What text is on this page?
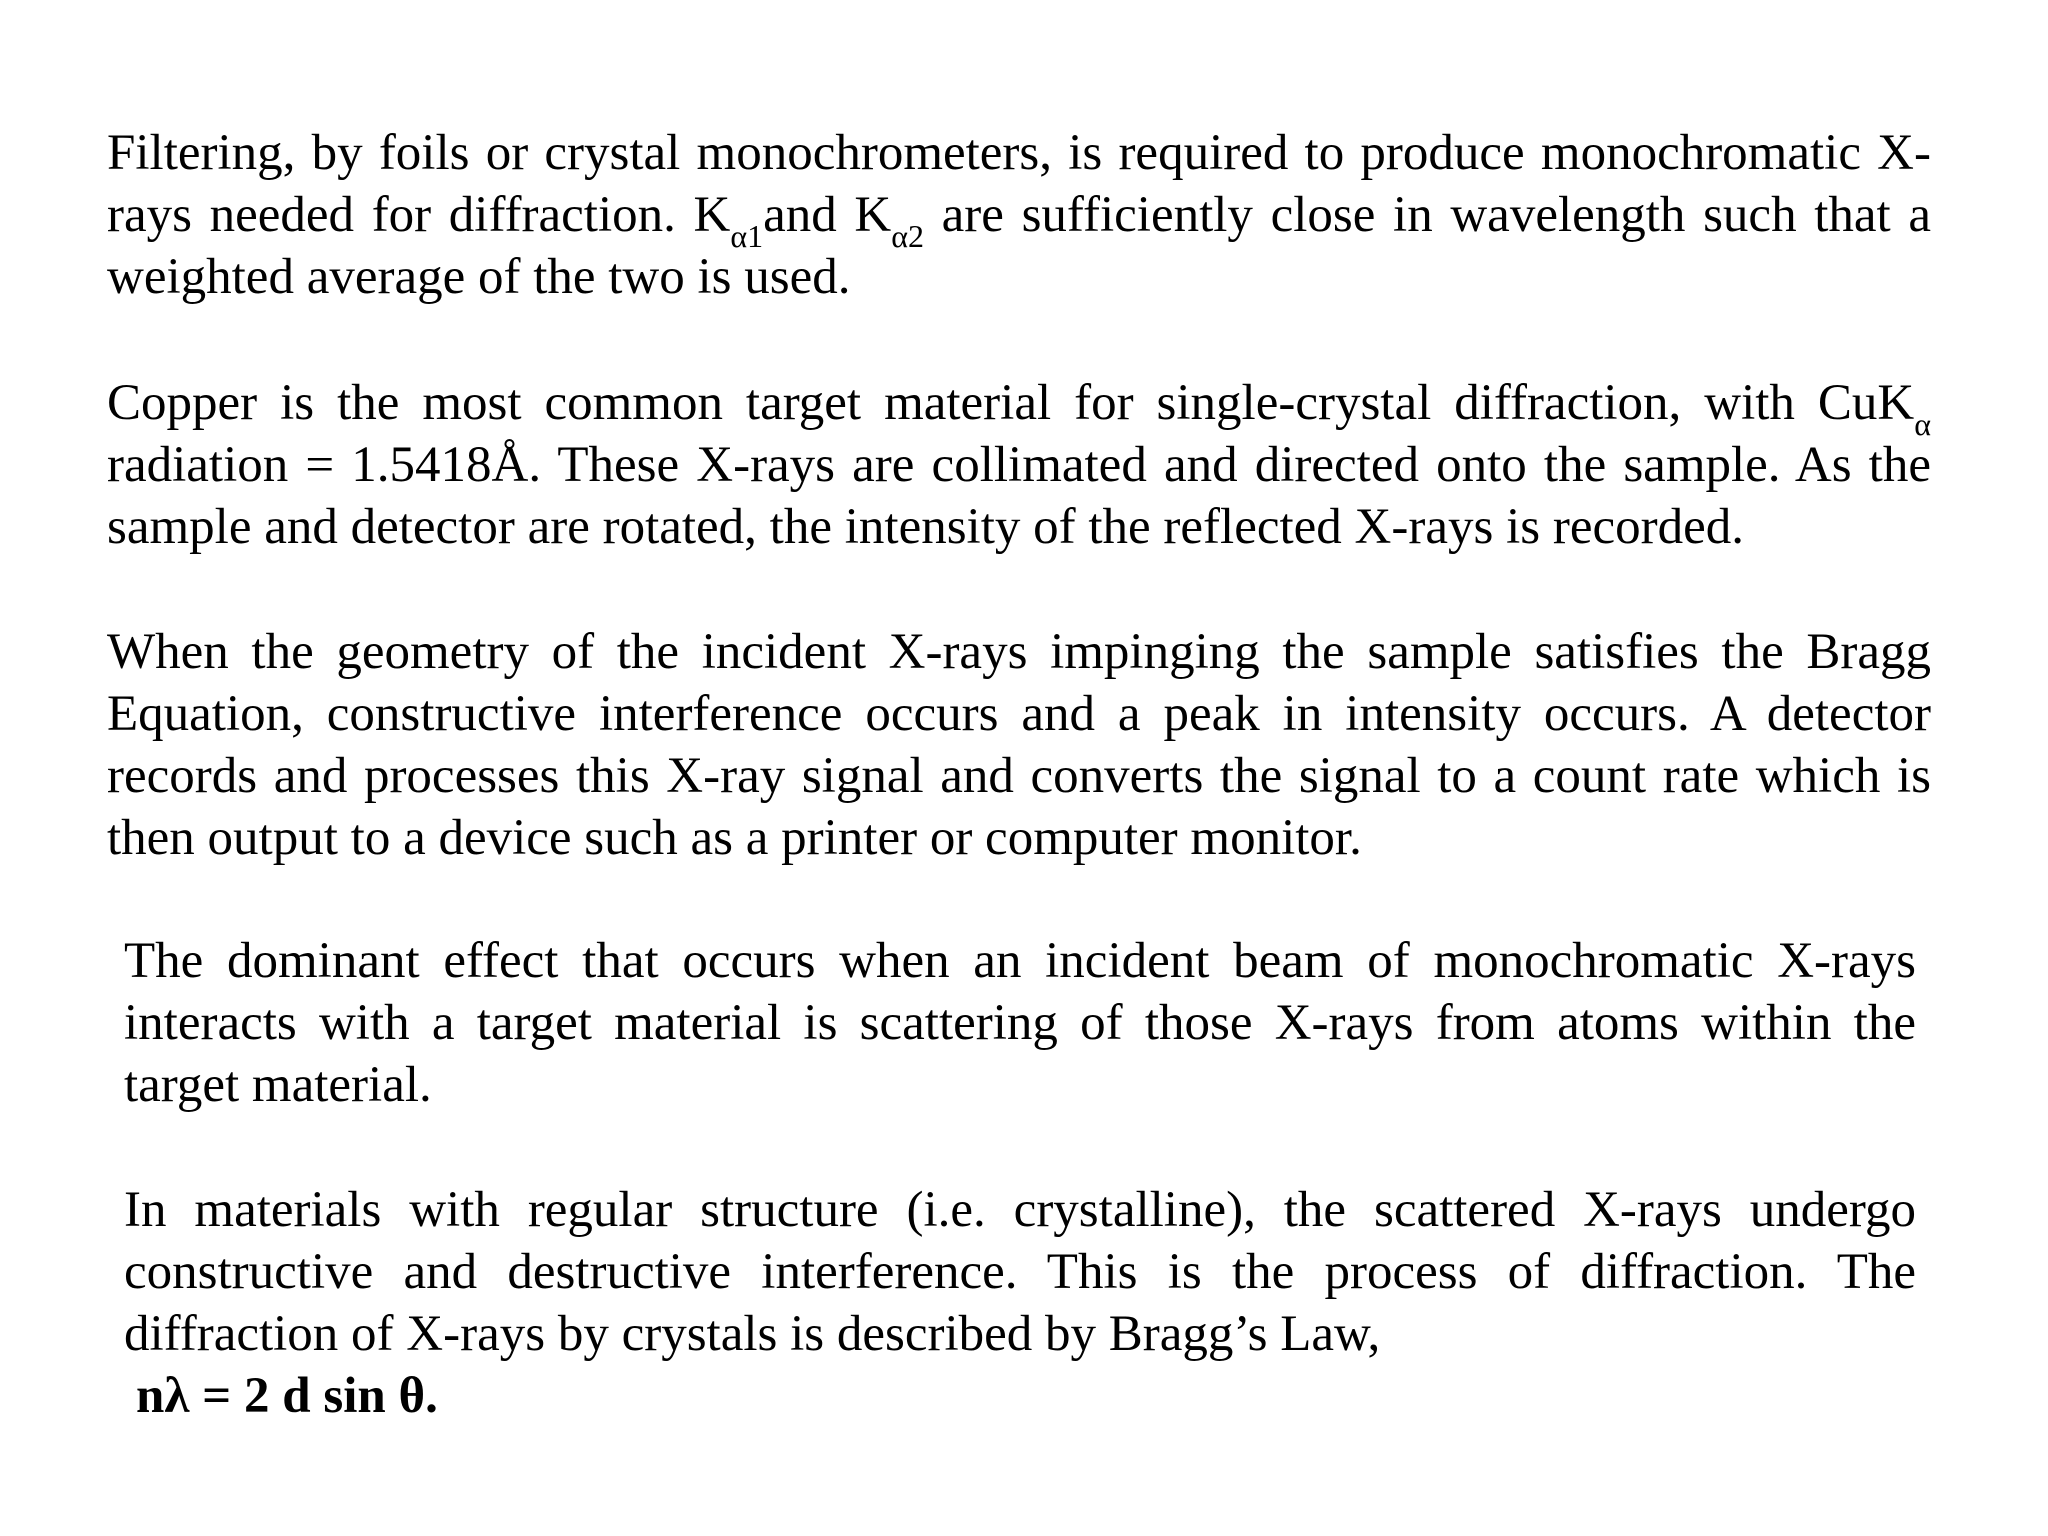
Filtering, by foils or crystal monochrometers, is required to produce monochromatic X-rays needed for diffraction. $K_{\alpha 1}and$ $K_{\alpha 2}$ are sufficiently close in wavelength such that a weighted average of the two is used.

Copper is the most common target material for single-crystal diffraction, with CuK$_\alpha$ radiation = 1.5418Å. These X-rays are collimated and directed onto the sample. As the sample and detector are rotated, the intensity of the reflected X-rays is recorded.

When the geometry of the incident X-rays impinging the sample satisfies the Bragg Equation, constructive interference occurs and a peak in intensity occurs. A detector records and processes this X-ray signal and converts the signal to a count rate which is then output to a device such as a printer or computer monitor.

The dominant effect that occurs when an incident beam of monochromatic X-rays interacts with a target material is scattering of those X-rays from atoms within the target material.

In materials with regular structure (i.e. crystalline), the scattered X-rays undergo constructive and destructive interference. This is the process of diffraction. The diffraction of X-rays by crystals is described by Bragg’s Law,

nλ = 2 d sin θ.
